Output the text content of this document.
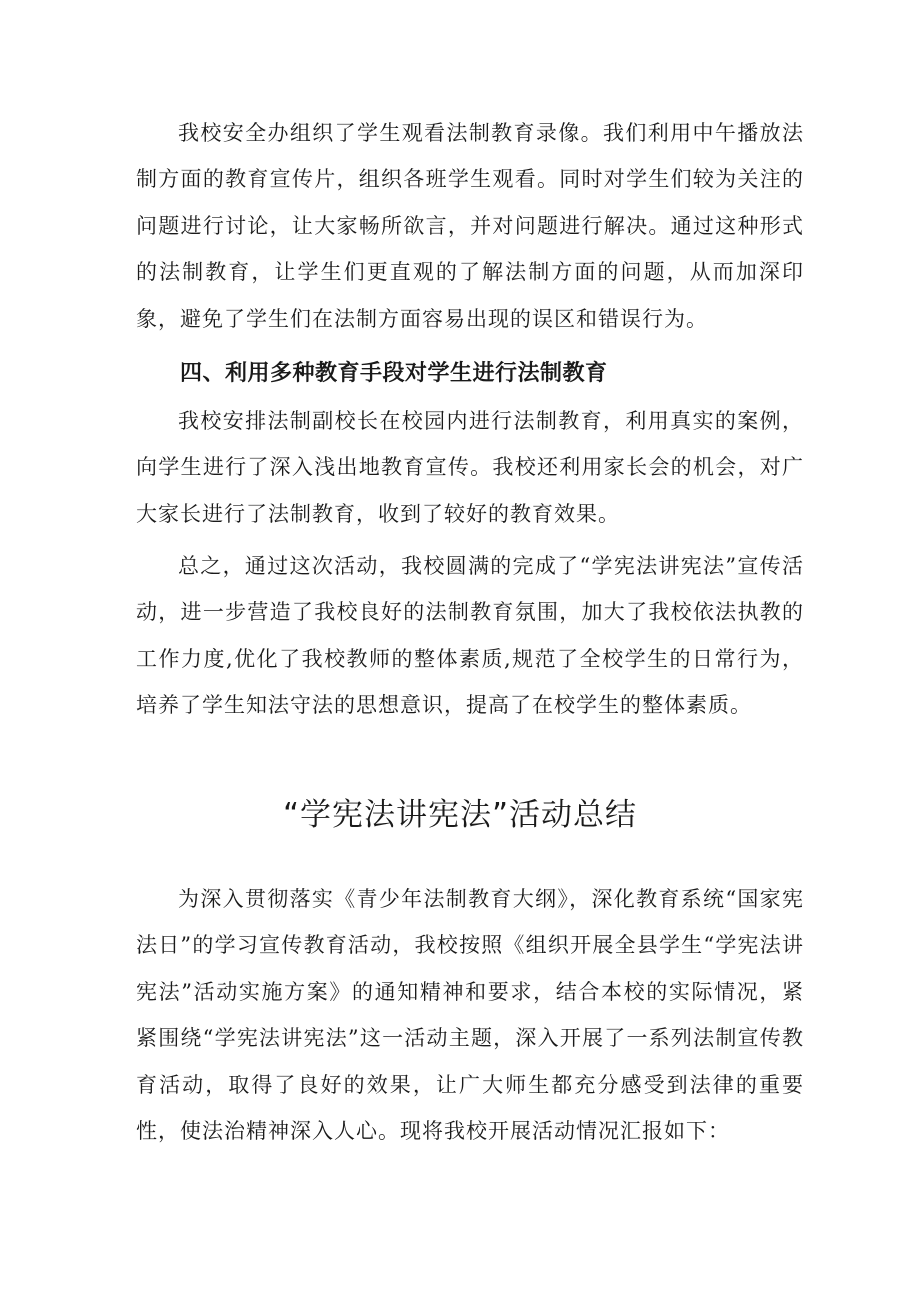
我校安全办组织了学生观看法制教育录像。我们利用中午播放法制方面的教育宣传片，组织各班学生观看。同时对学生们较为关注的问题进行讨论，让大家畅所欲言，并对问题进行解决。通过这种形式的法制教育，让学生们更直观的了解法制方面的问题，从而加深印象，避免了学生们在法制方面容易出现的误区和错误行为。

四、利用多种教育手段对学生进行法制教育

我校安排法制副校长在校园内进行法制教育，利用真实的案例，向学生进行了深入浅出地教育宣传。我校还利用家长会的机会，对广大家长进行了法制教育，收到了较好的教育效果。

总之，通过这次活动，我校圆满的完成了“学宪法讲宪法”宣传活动，进一步营造了我校良好的法制教育氛围，加大了我校依法执教的工作力度,优化了我校教师的整体素质,规范了全校学生的日常行为，培养了学生知法守法的思想意识，提高了在校学生的整体素质。

“学宪法讲宪法”活动总结

为深入贯彻落实《青少年法制教育大纲》，深化教育系统“国家宪法日”的学习宣传教育活动，我校按照《组织开展全县学生“学宪法讲宪法”活动实施方案》的通知精神和要求，结合本校的实际情况，紧紧围绕“学宪法讲宪法”这一活动主题，深入开展了一系列法制宣传教育活动，取得了良好的效果，让广大师生都充分感受到法律的重要性，使法治精神深入人心。现将我校开展活动情况汇报如下：
